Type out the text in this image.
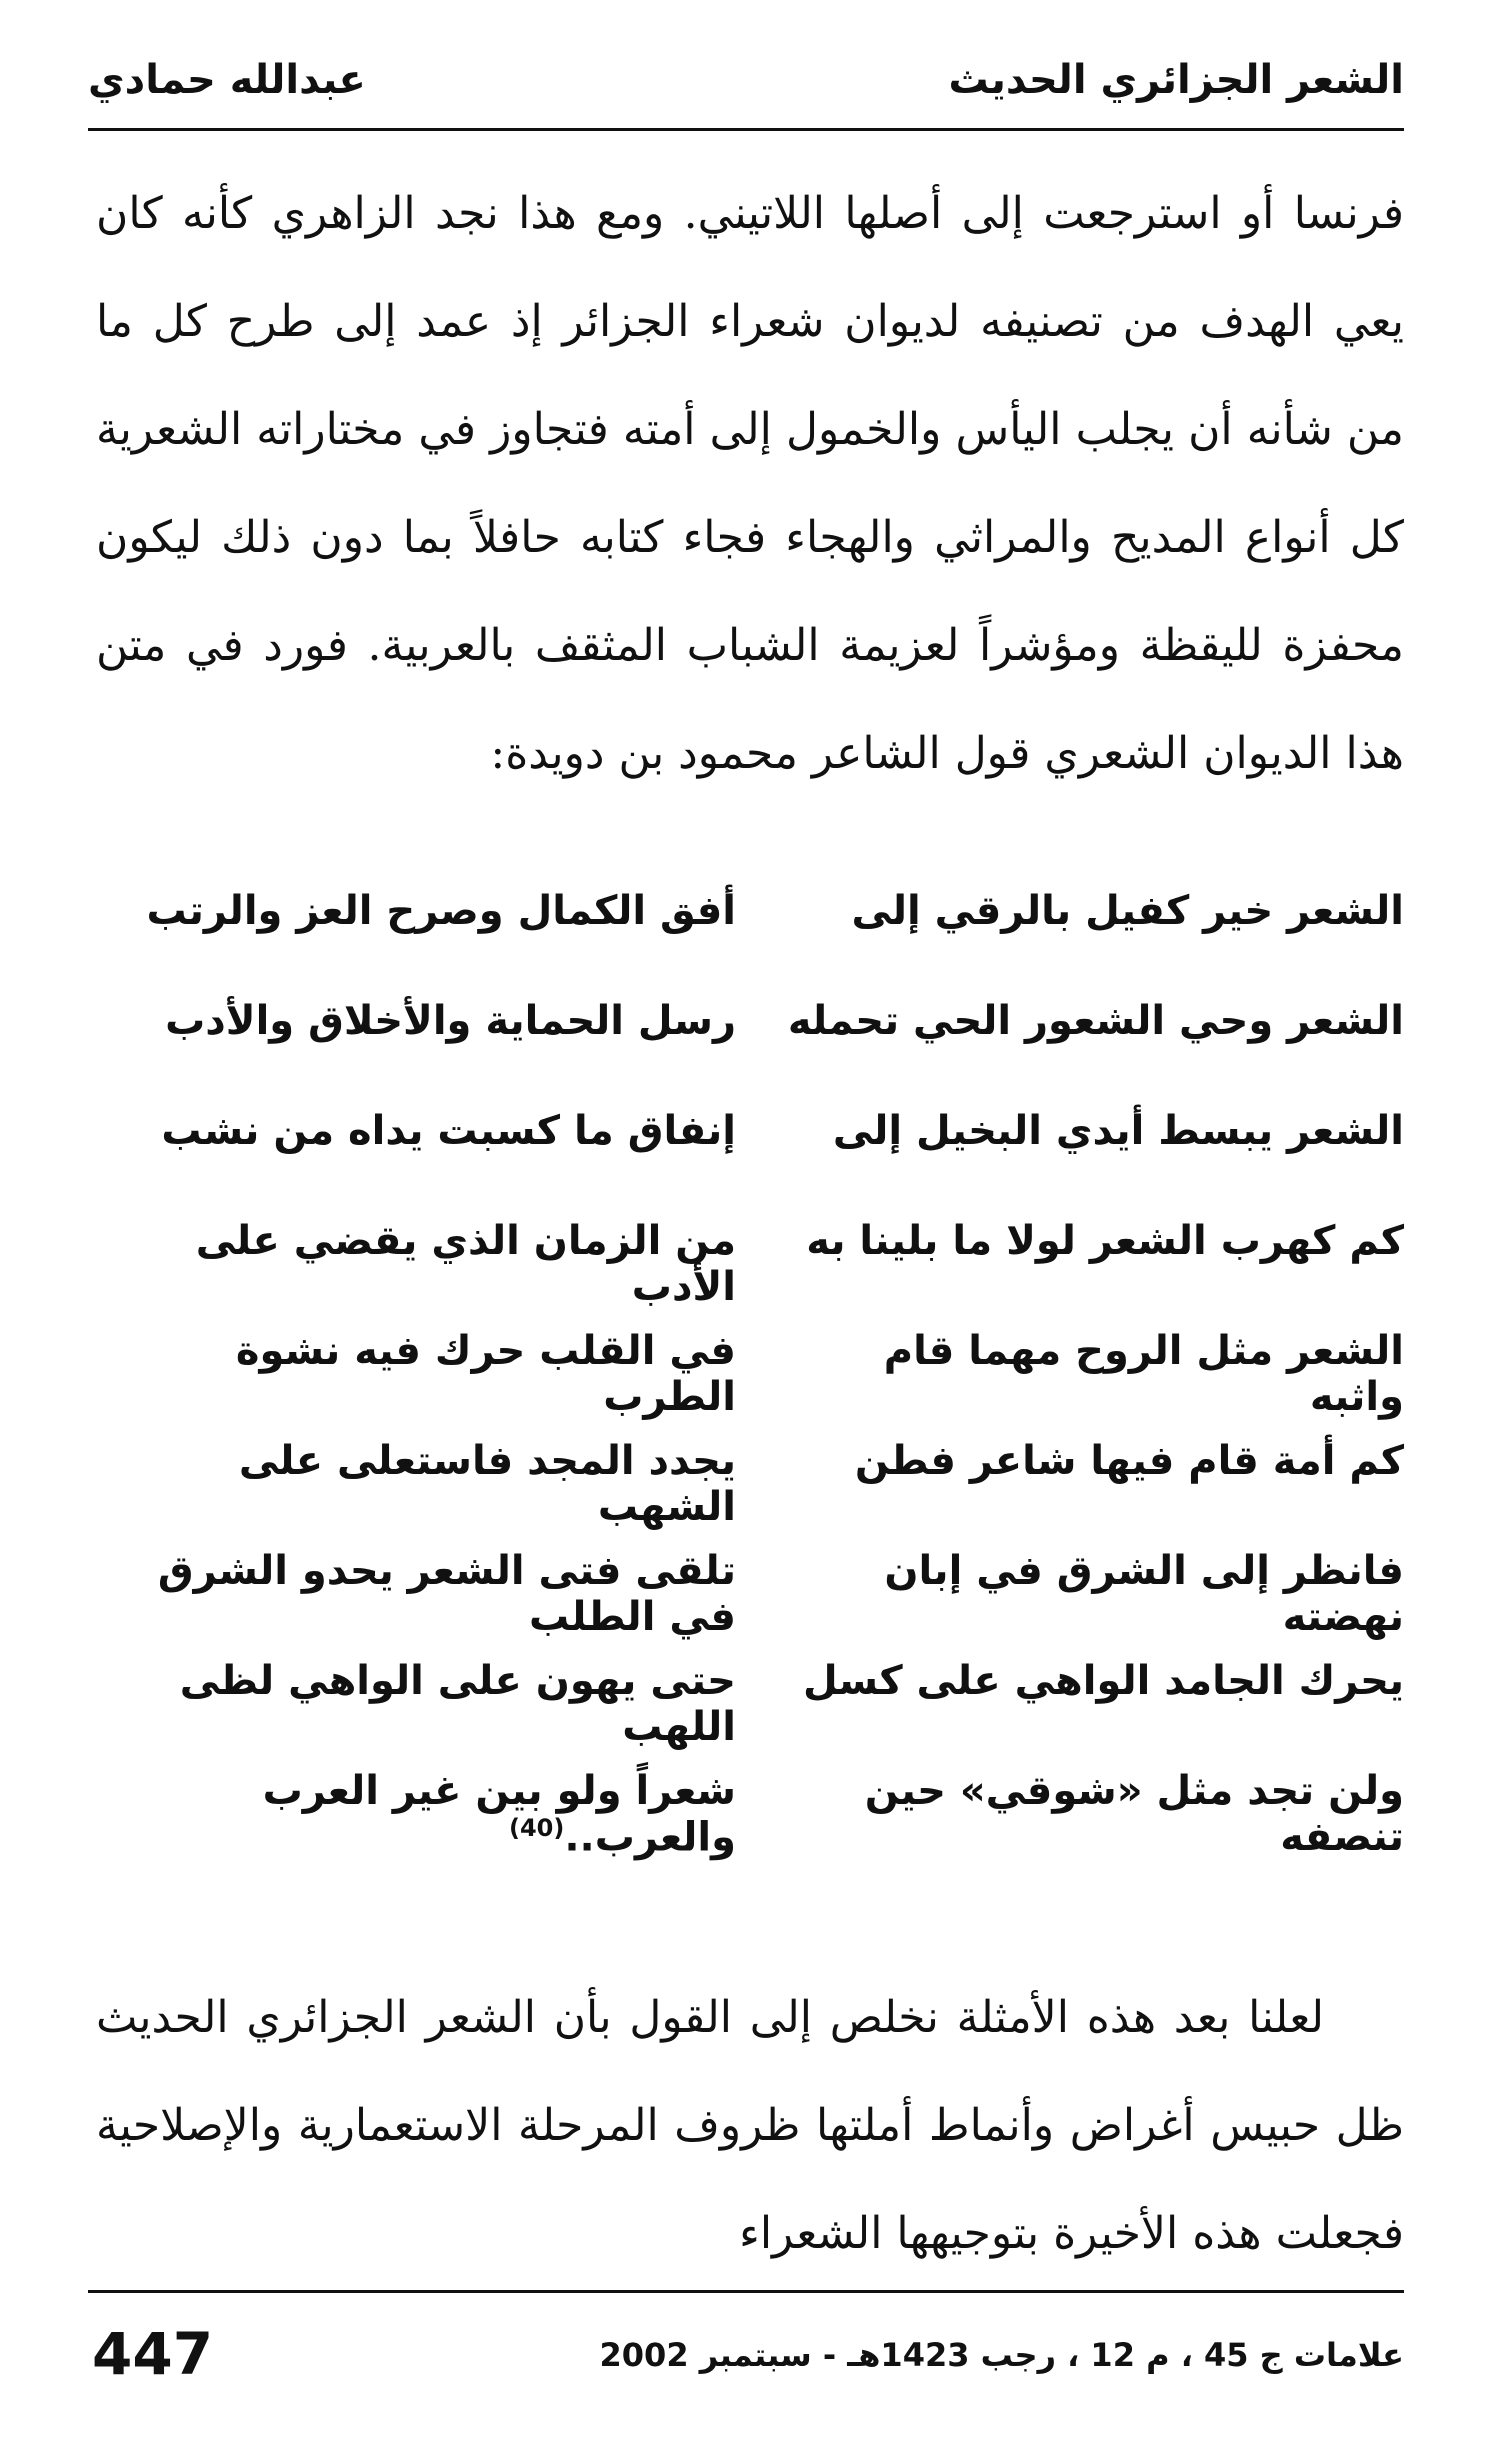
الشعر الجزائري الحديث
عبدالله حمادي

فرنسا أو استرجعت إلى أصلها اللاتيني. ومع هذا نجد الزاهري كأنه كان يعي الهدف من تصنيفه لديوان شعراء الجزائر إذ عمد إلى طرح كل ما من شأنه أن يجلب اليأس والخمول إلى أمته فتجاوز في مختاراته الشعرية كل أنواع المديح والمراثي والهجاء فجاء كتابه حافلاً بما دون ذلك ليكون محفزة لليقظة ومؤشراً لعزيمة الشباب المثقف بالعربية. فورد في متن هذا الديوان الشعري قول الشاعر محمود بن دويدة:

الشعر خير كفيل بالرقي إلى
أفق الكمال وصرح العز والرتب
الشعر وحي الشعور الحي تحمله
رسل الحماية والأخلاق والأدب
الشعر يبسط أيدي البخيل إلى
إنفاق ما كسبت يداه من نشب
كم كهرب الشعر لولا ما بلينا به
من الزمان الذي يقضي على الأدب
الشعر مثل الروح مهما قام واثبه
في القلب حرك فيه نشوة الطرب
كم أمة قام فيها شاعر فطن
يجدد المجد فاستعلى على الشهب
فانظر إلى الشرق في إبان نهضته
تلقى فتى الشعر يحدو الشرق في الطلب
يحرك الجامد الواهي على كسل
حتى يهون على الواهي لظى اللهب
ولن تجد مثل «شوقي» حين تنصفه
شعراً ولو بين غير العرب والعرب..$^{(40)}$

لعلنا بعد هذه الأمثلة نخلص إلى القول بأن الشعر الجزائري الحديث ظل حبيس أغراض وأنماط أملتها ظروف المرحلة الاستعمارية والإصلاحية فجعلت هذه الأخيرة بتوجيهها الشعراء

447	علامات ج 45 ، م 12 ، رجب 1423هـ - سبتمبر 2002
